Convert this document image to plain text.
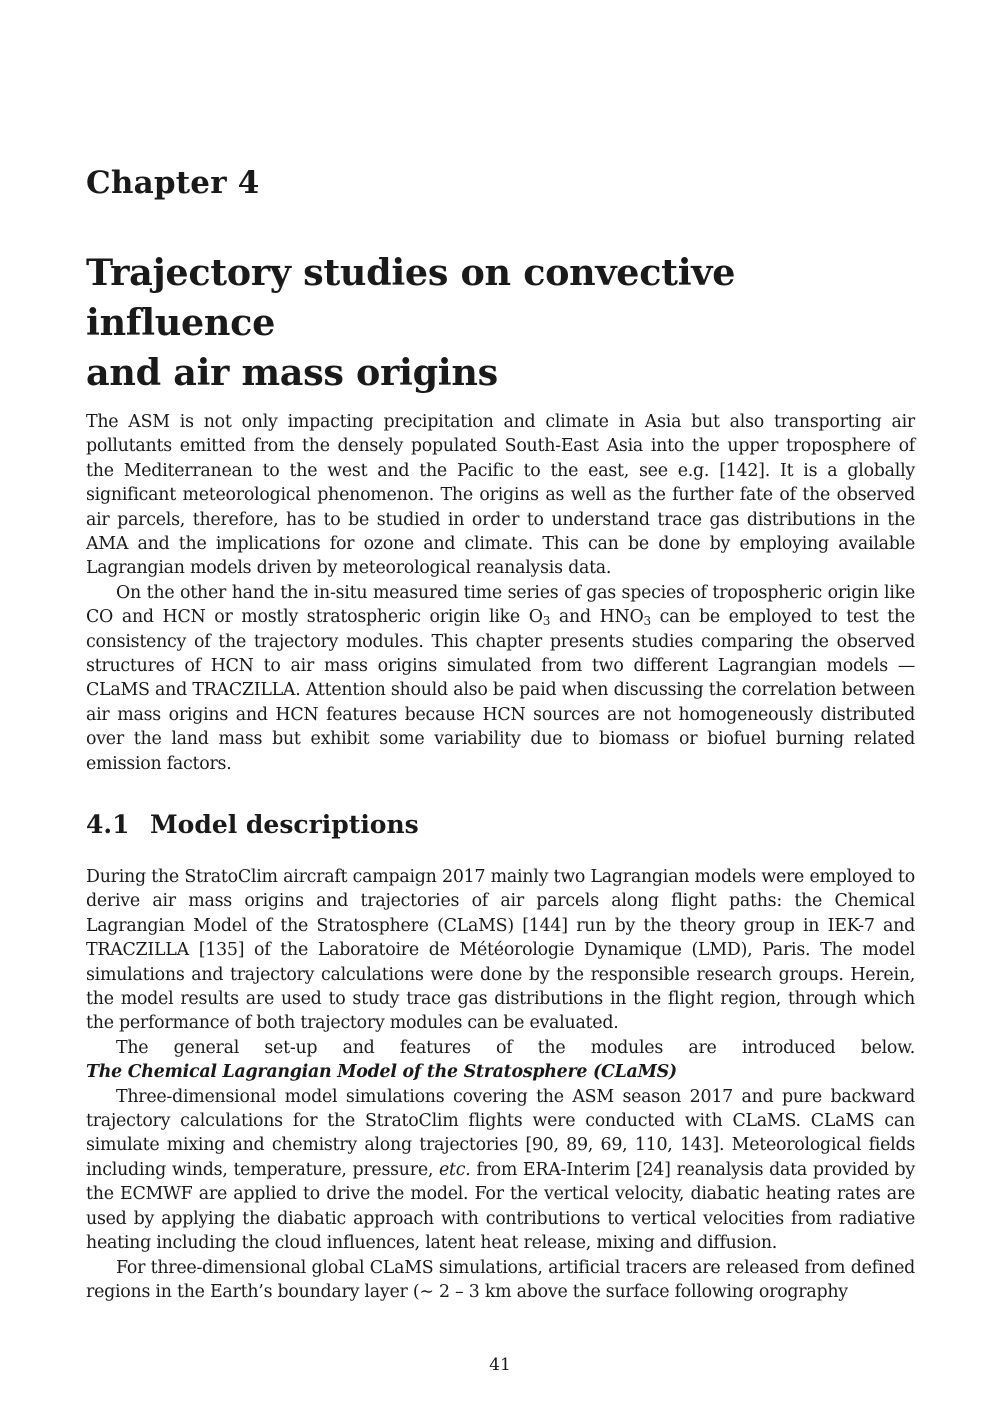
Chapter 4
Trajectory studies on convective influence
and air mass origins

The ASM is not only impacting precipitation and climate in Asia but also transporting air pollutants emitted from the densely populated South-East Asia into the upper troposphere of the Mediterranean to the west and the Pacific to the east, see e.g. [142]. It is a globally significant meteorological phenomenon. The origins as well as the further fate of the observed air parcels, therefore, has to be studied in order to understand trace gas distributions in the AMA and the implications for ozone and climate. This can be done by employing available Lagrangian models driven by meteorological reanalysis data.

On the other hand the in-situ measured time series of gas species of tropospheric origin like CO and HCN or mostly stratospheric origin like $O_3$ and $HNO_3$ can be employed to test the consistency of the trajectory modules. This chapter presents studies comparing the observed structures of HCN to air mass origins simulated from two different Lagrangian models — CLaMS and TRACZILLA. Attention should also be paid when discussing the correlation between air mass origins and HCN features because HCN sources are not homogeneously distributed over the land mass but exhibit some variability due to biomass or biofuel burning related emission factors.

4.1 Model descriptions

During the StratoClim aircraft campaign 2017 mainly two Lagrangian models were employed to derive air mass origins and trajectories of air parcels along flight paths: the Chemical Lagrangian Model of the Stratosphere (CLaMS) [144] run by the theory group in IEK-7 and TRACZILLA [135] of the Laboratoire de Météorologie Dynamique (LMD), Paris. The model simulations and trajectory calculations were done by the responsible research groups. Herein, the model results are used to study trace gas distributions in the flight region, through which the performance of both trajectory modules can be evaluated.

The general set-up and features of the modules are introduced below.

The Chemical Lagrangian Model of the Stratosphere (CLaMS)

Three-dimensional model simulations covering the ASM season 2017 and pure backward trajectory calculations for the StratoClim flights were conducted with CLaMS. CLaMS can simulate mixing and chemistry along trajectories [90, 89, 69, 110, 143]. Meteorological fields including winds, temperature, pressure, etc. from ERA-Interim [24] reanalysis data provided by the ECMWF are applied to drive the model. For the vertical velocity, diabatic heating rates are used by applying the diabatic approach with contributions to vertical velocities from radiative heating including the cloud influences, latent heat release, mixing and diffusion.

For three-dimensional global CLaMS simulations, artificial tracers are released from defined regions in the Earth’s boundary layer (∼ 2 – 3 km above the surface following orography

41
